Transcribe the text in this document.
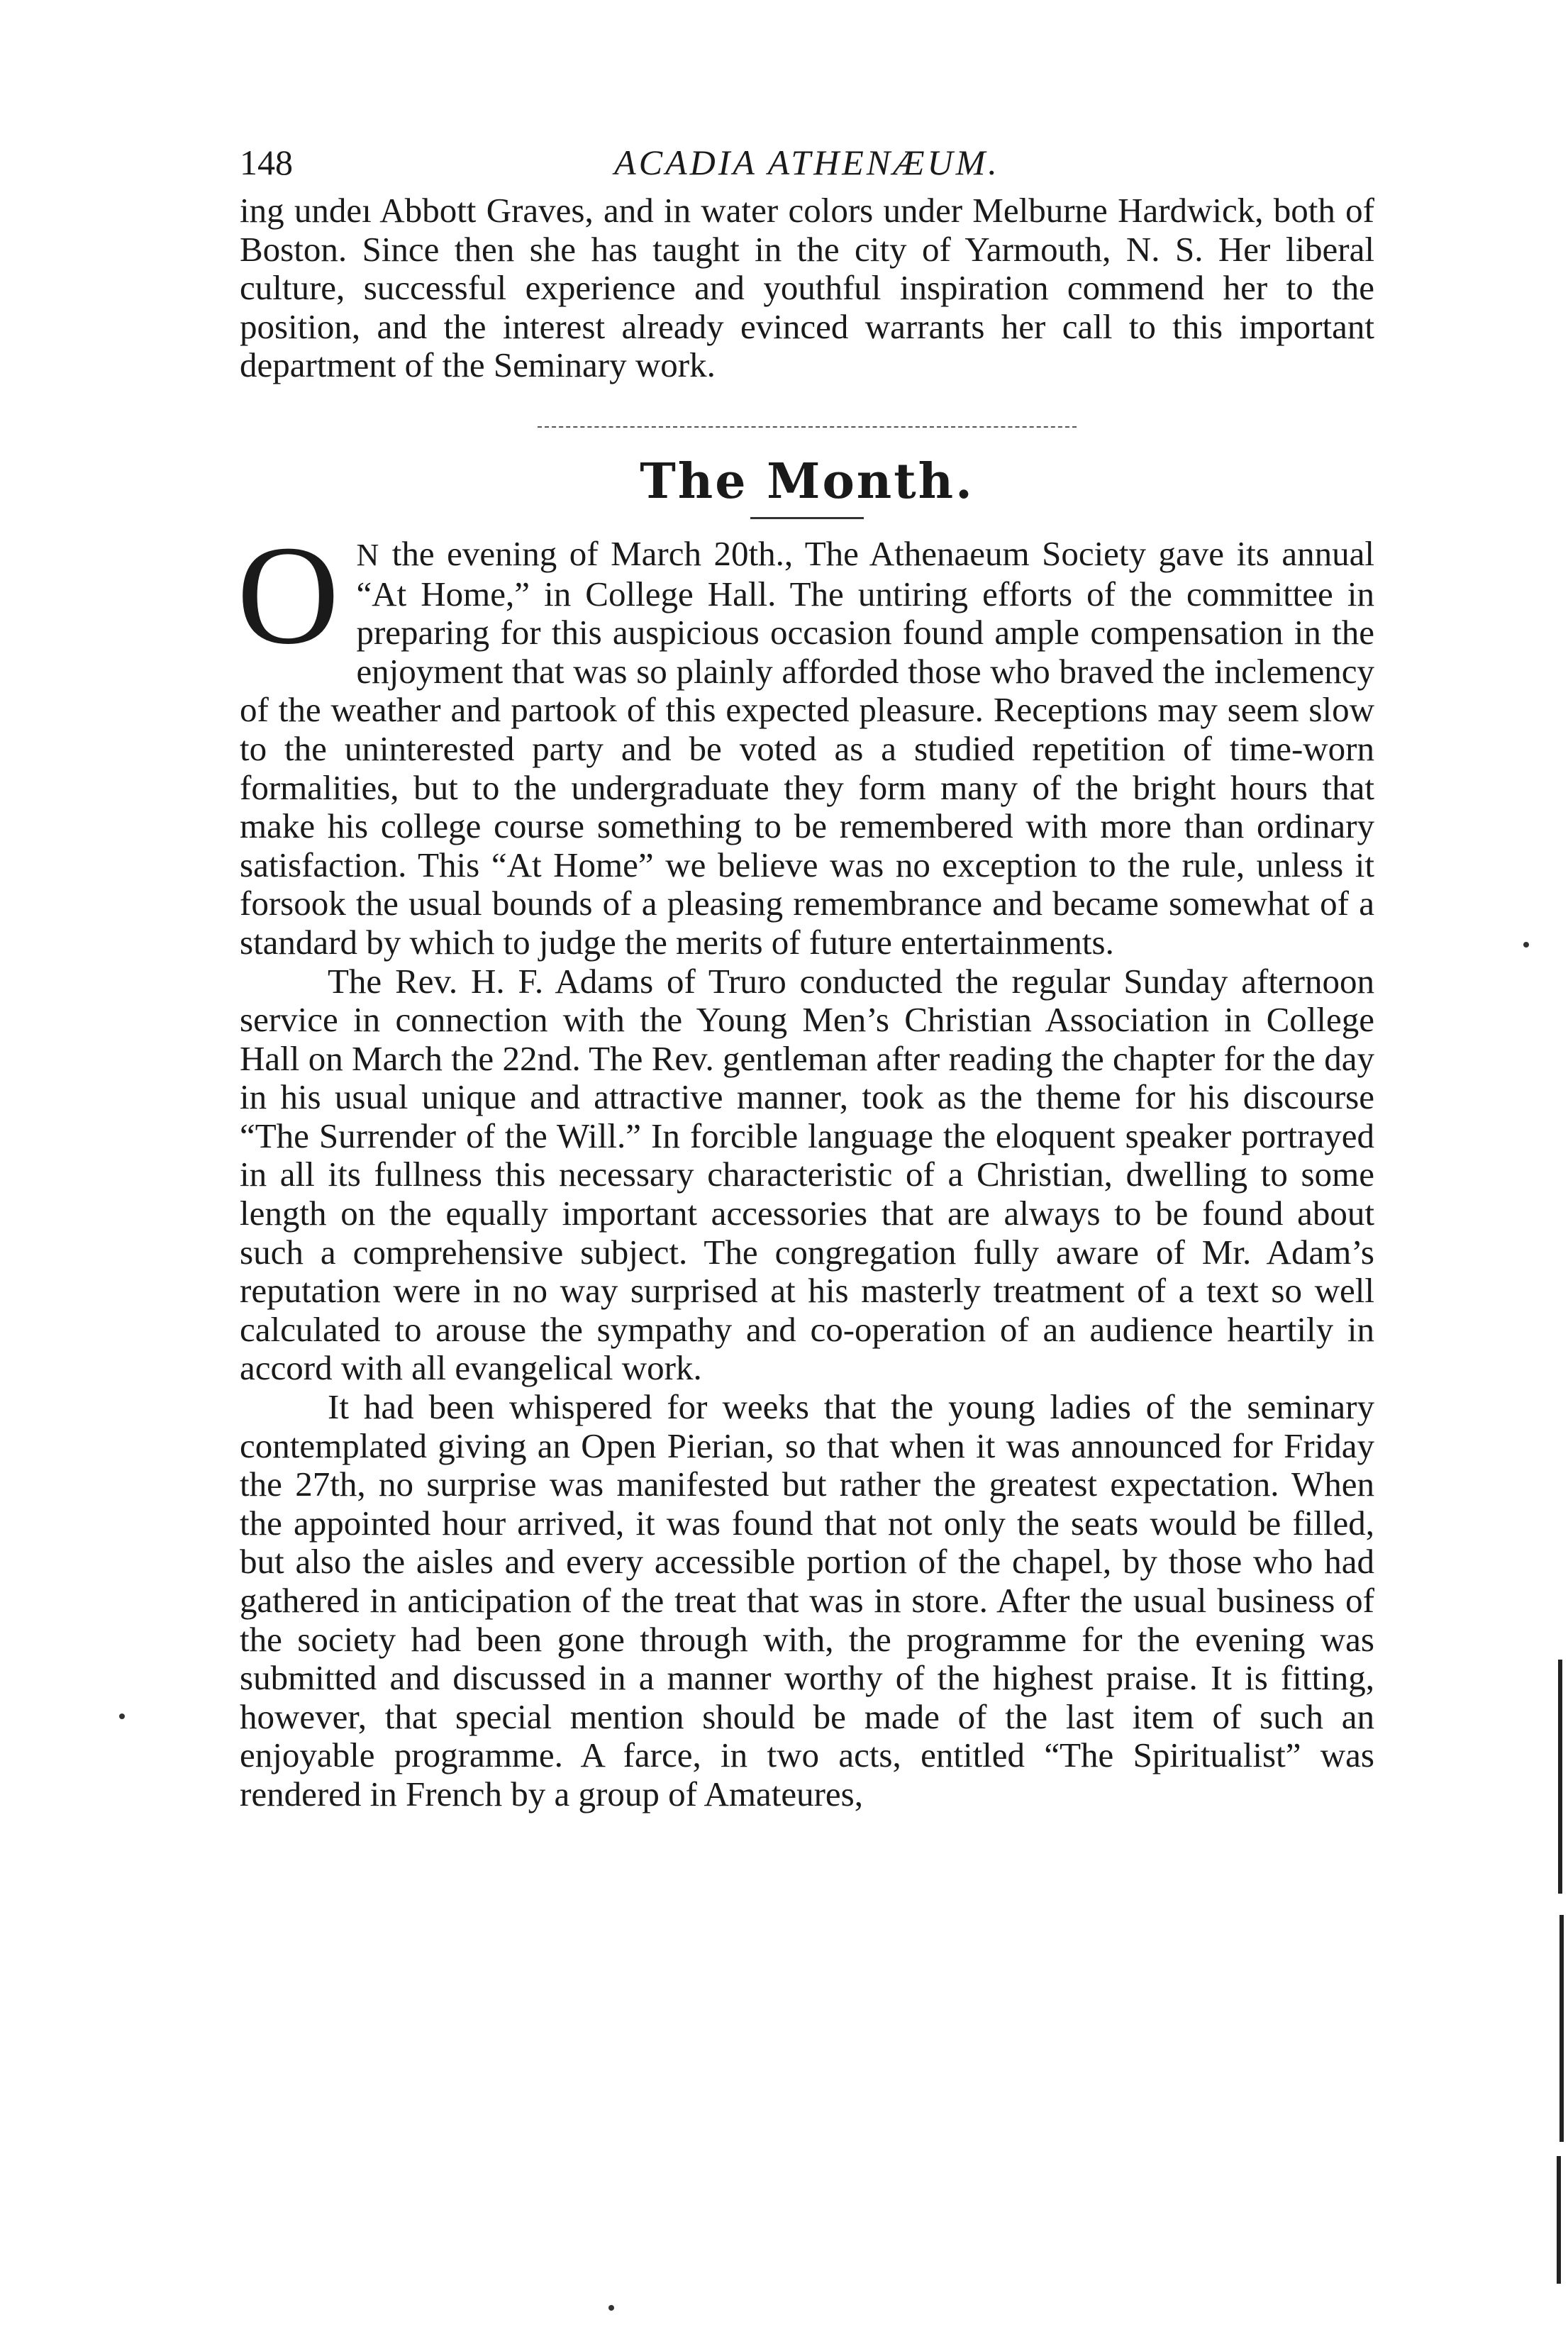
148	ACADIA ATHENÆUM.

ing undeı Abbott Graves, and in water colors under Melburne Hardwick, both of Boston. Since then she has taught in the city of Yarmouth, N. S. Her liberal culture, successful experience and youthful inspiration commend her to the position, and the interest already evinced warrants her call to this important department of the Seminary work.

The Month.

O N the evening of March 20th., The Athenaeum Society gave its annual “At Home,” in College Hall. The untiring efforts of the committee in preparing for this auspicious occasion found ample compensation in the enjoyment that was so plainly afforded those who braved the inclemency of the weather and partook of this expected pleasure. Receptions may seem slow to the uninterested party and be voted as a studied repetition of time-worn formalities, but to the undergraduate they form many of the bright hours that make his college course something to be remembered with more than ordinary satisfaction. This “At Home” we believe was no exception to the rule, unless it forsook the usual bounds of a pleasing remembrance and became somewhat of a standard by which to judge the merits of future entertainments.

The Rev. H. F. Adams of Truro conducted the regular Sunday afternoon service in connection with the Young Men’s Christian Association in College Hall on March the 22nd. The Rev. gentleman after reading the chapter for the day in his usual unique and attractive manner, took as the theme for his discourse “The Surrender of the Will.” In forcible language the eloquent speaker portrayed in all its fullness this necessary characteristic of a Christian, dwelling to some length on the equally important accessories that are always to be found about such a comprehensive subject. The congregation fully aware of Mr. Adam’s reputation were in no way surprised at his masterly treatment of a text so well calculated to arouse the sympathy and co-operation of an audience heartily in accord with all evangelical work.

It had been whispered for weeks that the young ladies of the seminary contemplated giving an Open Pierian, so that when it was announced for Friday the 27th, no surprise was manifested but rather the greatest expectation. When the appointed hour arrived, it was found that not only the seats would be filled, but also the aisles and every accessible portion of the chapel, by those who had gathered in anticipation of the treat that was in store. After the usual business of the society had been gone through with, the programme for the evening was submitted and discussed in a manner worthy of the highest praise. It is fitting, however, that special mention should be made of the last item of such an enjoyable programme. A farce, in two acts, entitled “The Spiritualist” was rendered in French by a group of Amateures,
